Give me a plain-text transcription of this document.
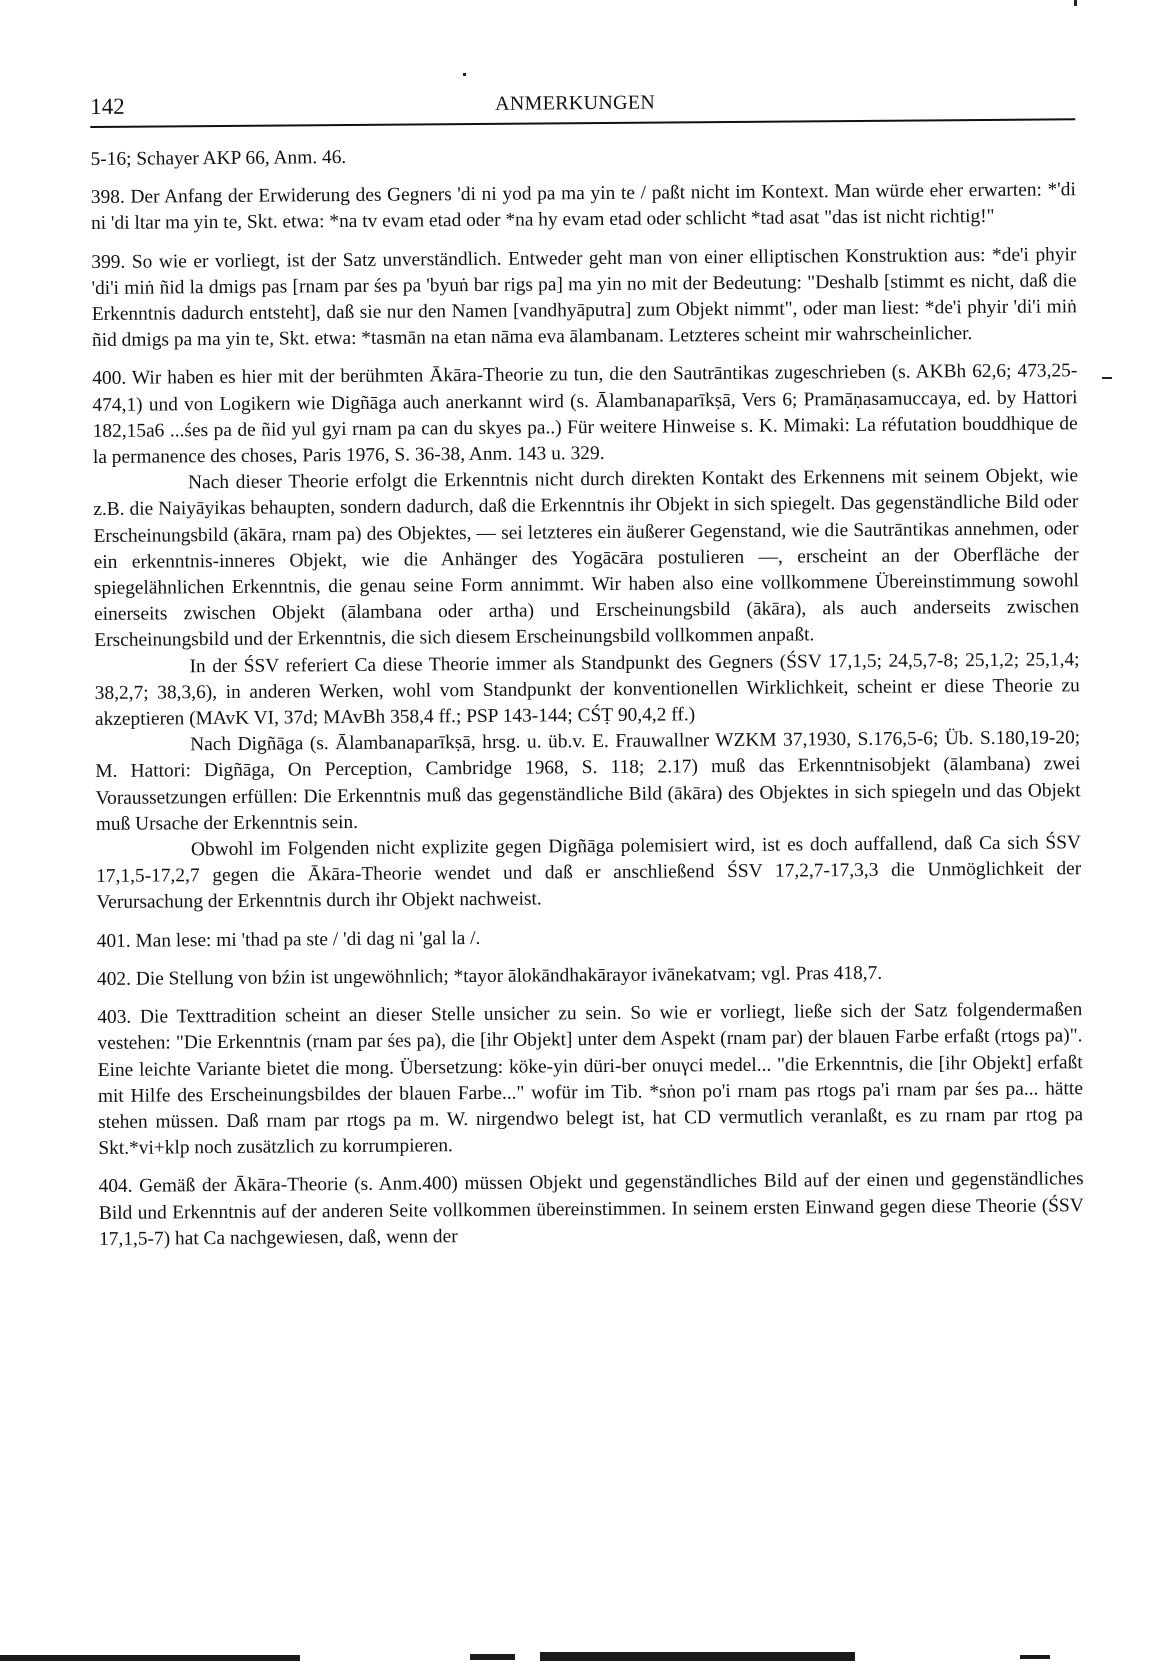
142	ANMERKUNGEN

5-16; Schayer AKP 66, Anm. 46.

398. Der Anfang der Erwiderung des Gegners 'di ni yod pa ma yin te / paßt nicht im Kontext. Man würde eher erwarten: *'di ni 'di ltar ma yin te, Skt. etwa: *na tv evam etad oder *na hy evam etad oder schlicht *tad asat "das ist nicht richtig!"

399. So wie er vorliegt, ist der Satz unverständlich. Entweder geht man von einer elliptischen Konstruktion aus: *de'i phyir 'di'i miṅ ñid la dmigs pas [rnam par śes pa 'byuṅ bar rigs pa] ma yin no mit der Bedeutung: "Deshalb [stimmt es nicht, daß die Erkenntnis dadurch entsteht], daß sie nur den Namen [vandhyāputra] zum Objekt nimmt", oder man liest: *de'i phyir 'di'i miṅ ñid dmigs pa ma yin te, Skt. etwa: *tasmān na etan nāma eva ālambanam. Letzteres scheint mir wahrscheinlicher.

400. Wir haben es hier mit der berühmten Ākāra-Theorie zu tun, die den Sautrāntikas zugeschrieben (s. AKBh 62,6; 473,25-474,1) und von Logikern wie Digñāga auch anerkannt wird (s. Ālambanaparīkṣā, Vers 6; Pramāṇasamuccaya, ed. by Hattori 182,15a6 ...śes pa de ñid yul gyi rnam pa can du skyes pa..) Für weitere Hinweise s. K. Mimaki: La réfutation bouddhique de la permanence des choses, Paris 1976, S. 36-38, Anm. 143 u. 329.

Nach dieser Theorie erfolgt die Erkenntnis nicht durch direkten Kontakt des Erkennens mit seinem Objekt, wie z.B. die Naiyāyikas behaupten, sondern dadurch, daß die Erkenntnis ihr Objekt in sich spiegelt. Das gegenständliche Bild oder Erscheinungsbild (ākāra, rnam pa) des Objektes, — sei letzteres ein äußerer Gegenstand, wie die Sautrāntikas annehmen, oder ein erkenntnis-inneres Objekt, wie die Anhänger des Yogācāra postulieren —, erscheint an der Oberfläche der spiegelähnlichen Erkenntnis, die genau seine Form annimmt. Wir haben also eine vollkommene Übereinstimmung sowohl einerseits zwischen Objekt (ālambana oder artha) und Erscheinungsbild (ākāra), als auch anderseits zwischen Erscheinungsbild und der Erkenntnis, die sich diesem Erscheinungsbild vollkommen anpaßt.

In der ŚSV referiert Ca diese Theorie immer als Standpunkt des Gegners (ŚSV 17,1,5; 24,5,7-8; 25,1,2; 25,1,4; 38,2,7; 38,3,6), in anderen Werken, wohl vom Standpunkt der konventionellen Wirklichkeit, scheint er diese Theorie zu akzeptieren (MAvK VI, 37d; MAvBh 358,4 ff.; PSP 143-144; CŚṬ 90,4,2 ff.)

Nach Digñāga (s. Ālambanaparīkṣā, hrsg. u. üb.v. E. Frauwallner WZKM 37,1930, S.176,5-6; Üb. S.180,19-20; M. Hattori: Digñāga, On Perception, Cambridge 1968, S. 118; 2.17) muß das Erkenntnisobjekt (ālambana) zwei Voraussetzungen erfüllen: Die Erkenntnis muß das gegenständliche Bild (ākāra) des Objektes in sich spiegeln und das Objekt muß Ursache der Erkenntnis sein.

Obwohl im Folgenden nicht explizite gegen Digñāga polemisiert wird, ist es doch auffallend, daß Ca sich ŚSV 17,1,5-17,2,7 gegen die Ākāra-Theorie wendet und daß er anschließend ŚSV 17,2,7-17,3,3 die Unmöglichkeit der Verursachung der Erkenntnis durch ihr Objekt nachweist.

401. Man lese: mi 'thad pa ste / 'di dag ni 'gal la /.

402. Die Stellung von bźin ist ungewöhnlich; *tayor ālokāndhakārayor ivānekatvam; vgl. Pras 418,7.

403. Die Texttradition scheint an dieser Stelle unsicher zu sein. So wie er vorliegt, ließe sich der Satz folgendermaßen vestehen: "Die Erkenntnis (rnam par śes pa), die [ihr Objekt] unter dem Aspekt (rnam par) der blauen Farbe erfaßt (rtogs pa)". Eine leichte Variante bietet die mong. Übersetzung: köke-yin düri-ber onuγci medel... "die Erkenntnis, die [ihr Objekt] erfaßt mit Hilfe des Erscheinungsbildes der blauen Farbe..." wofür im Tib. *sṅon po'i rnam pas rtogs pa'i rnam par śes pa... hätte stehen müssen. Daß rnam par rtogs pa m. W. nirgendwo belegt ist, hat CD vermutlich veranlaßt, es zu rnam par rtog pa Skt.*vi+klp noch zusätzlich zu korrumpieren.

404. Gemäß der Ākāra-Theorie (s. Anm.400) müssen Objekt und gegenständliches Bild auf der einen und gegenständliches Bild und Erkenntnis auf der anderen Seite vollkommen übereinstimmen. In seinem ersten Einwand gegen diese Theorie (ŚSV 17,1,5-7) hat Ca nachgewiesen, daß, wenn der
